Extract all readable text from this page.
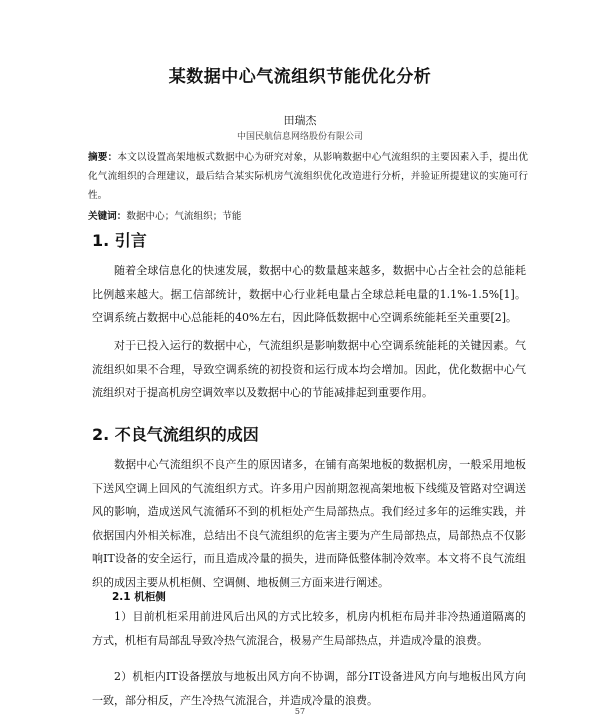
某数据中心气流组织节能优化分析
田瑞杰
中国民航信息网络股份有限公司
摘要：本文以设置高架地板式数据中心为研究对象，从影响数据中心气流组织的主要因素入手，提出优化气流组织的合理建议，最后结合某实际机房气流组织优化改造进行分析，并验证所提建议的实施可行性。
关键词：数据中心；气流组织；节能
1. 引言

随着全球信息化的快速发展，数据中心的数量越来越多，数据中心占全社会的总能耗比例越来越大。据工信部统计，数据中心行业耗电量占全球总耗电量的1.1%-1.5%[1]。空调系统占数据中心总能耗的40%左右，因此降低数据中心空调系统能耗至关重要[2]。

对于已投入运行的数据中心，气流组织是影响数据中心空调系统能耗的关键因素。气流组织如果不合理，导致空调系统的初投资和运行成本均会增加。因此，优化数据中心气流组织对于提高机房空调效率以及数据中心的节能减排起到重要作用。

2. 不良气流组织的成因

数据中心气流组织不良产生的原因诸多，在铺有高架地板的数据机房，一般采用地板下送风空调上回风的气流组织方式。许多用户因前期忽视高架地板下线缆及管路对空调送风的影响，造成送风气流循环不到的机柜处产生局部热点。我们经过多年的运维实践，并依据国内外相关标准，总结出不良气流组织的危害主要为产生局部热点，局部热点不仅影响IT设备的安全运行，而且造成冷量的损失，进而降低整体制冷效率。本文将不良气流组织的成因主要从机柜侧、空调侧、地板侧三方面来进行阐述。

2.1 机柜侧

1）目前机柜采用前进风后出风的方式比较多，机房内机柜布局并非冷热通道隔离的方式，机柜有局部乱导致冷热气流混合，极易产生局部热点，并造成冷量的浪费。

2）机柜内IT设备摆放与地板出风方向不协调，部分IT设备进风方向与地板出风方向一致，部分相反，产生冷热气流混合，并造成冷量的浪费。

57
